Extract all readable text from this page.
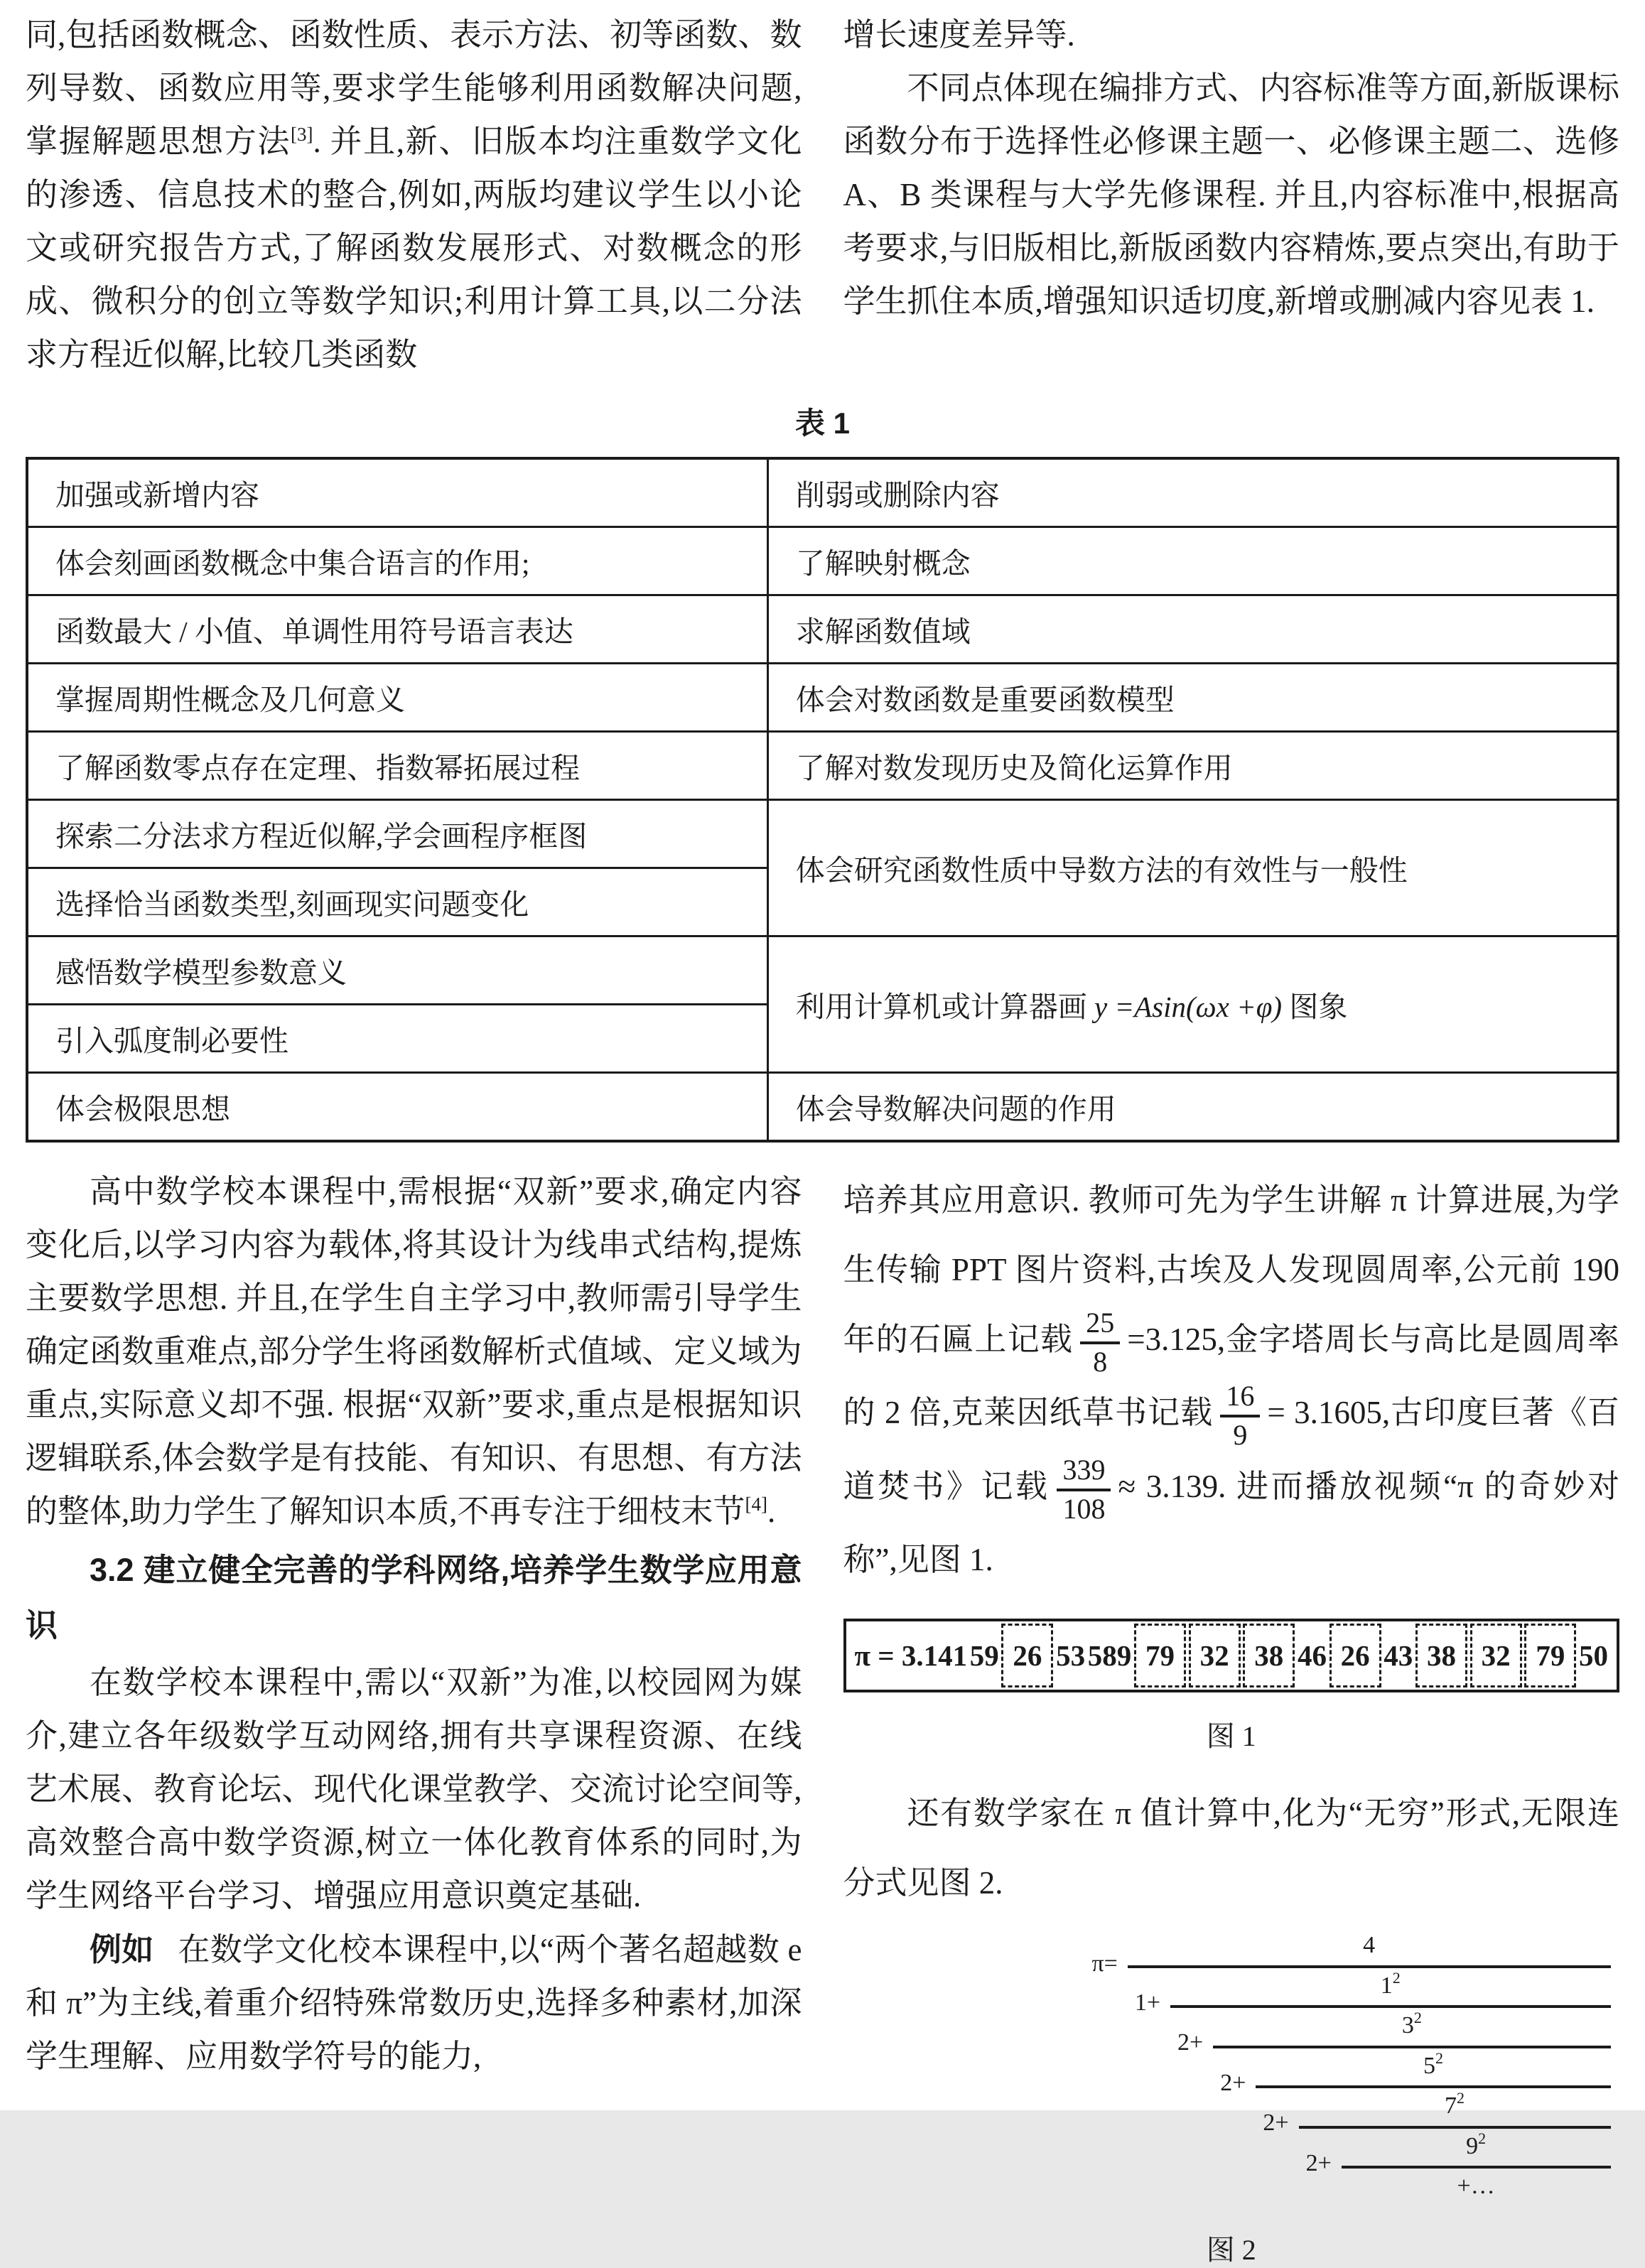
同,包括函数概念、函数性质、表示方法、初等函数、数列导数、函数应用等,要求学生能够利用函数解决问题,掌握解题思想方法[3]. 并且,新、旧版本均注重数学文化的渗透、信息技术的整合,例如,两版均建议学生以小论文或研究报告方式,了解函数发展形式、对数概念的形成、微积分的创立等数学知识;利用计算工具,以二分法求方程近似解,比较几类函数

增长速度差异等.

不同点体现在编排方式、内容标准等方面,新版课标函数分布于选择性必修课主题一、必修课主题二、选修 A、B 类课程与大学先修课程. 并且,内容标准中,根据高考要求,与旧版相比,新版函数内容精炼,要点突出,有助于学生抓住本质,增强知识适切度,新增或删减内容见表 1.

表 1
加强或新增内容	削弱或删除内容
体会刻画函数概念中集合语言的作用;	了解映射概念
函数最大 / 小值、单调性用符号语言表达	求解函数值域
掌握周期性概念及几何意义	体会对数函数是重要函数模型
了解函数零点存在定理、指数幂拓展过程	了解对数发现历史及简化运算作用
探索二分法求方程近似解,学会画程序框图	体会研究函数性质中导数方法的有效性与一般性
选择恰当函数类型,刻画现实问题变化	
感悟数学模型参数意义	利用计算机或计算器画 y =Asin(ωx +φ) 图象
引入弧度制必要性	
体会极限思想	体会导数解决问题的作用

高中数学校本课程中,需根据“双新”要求,确定内容变化后,以学习内容为载体,将其设计为线串式结构,提炼主要数学思想. 并且,在学生自主学习中,教师需引导学生确定函数重难点,部分学生将函数解析式值域、定义域为重点,实际意义却不强. 根据“双新”要求,重点是根据知识逻辑联系,体会数学是有技能、有知识、有思想、有方法的整体,助力学生了解知识本质,不再专注于细枝末节[4].

3.2 建立健全完善的学科网络,培养学生数学应用意识

在数学校本课程中,需以“双新”为准,以校园网为媒介,建立各年级数学互动网络,拥有共享课程资源、在线艺术展、教育论坛、现代化课堂教学、交流讨论空间等,高效整合高中数学资源,树立一体化教育体系的同时,为学生网络平台学习、增强应用意识奠定基础.

例如 在数学文化校本课程中,以“两个著名超越数 e 和 π”为主线,着重介绍特殊常数历史,选择多种素材,加深学生理解、应用数学符号的能力,

培养其应用意识. 教师可先为学生讲解 π 计算进展,为学生传输 PPT 图片资料,古埃及人发现圆周率,公元前 190 年的石匾上记载 $\frac{25}{8} =3.125$,金字塔周长与高比是圆周率的 2 倍,克莱因纸草书记载 $\frac{16}{9} = 3.1605$,古印度巨著《百道焚书》记载 $\frac{339}{108} \approx 3.139$. 进而播放视频“π 的奇妙对称”,见图 1.

π = 3.141 59 26 53 589 79 32 38 46 26 43 38 32 79 50
图 1

还有数学家在 π 值计算中,化为“无穷”形式,无限连分式见图 2.

π=
4
1+
$1^2$
2+
$3^2$
2+
$5^2$
2+
$7^2$
$2+ \frac{9^2}{+\dots}$
图 2
